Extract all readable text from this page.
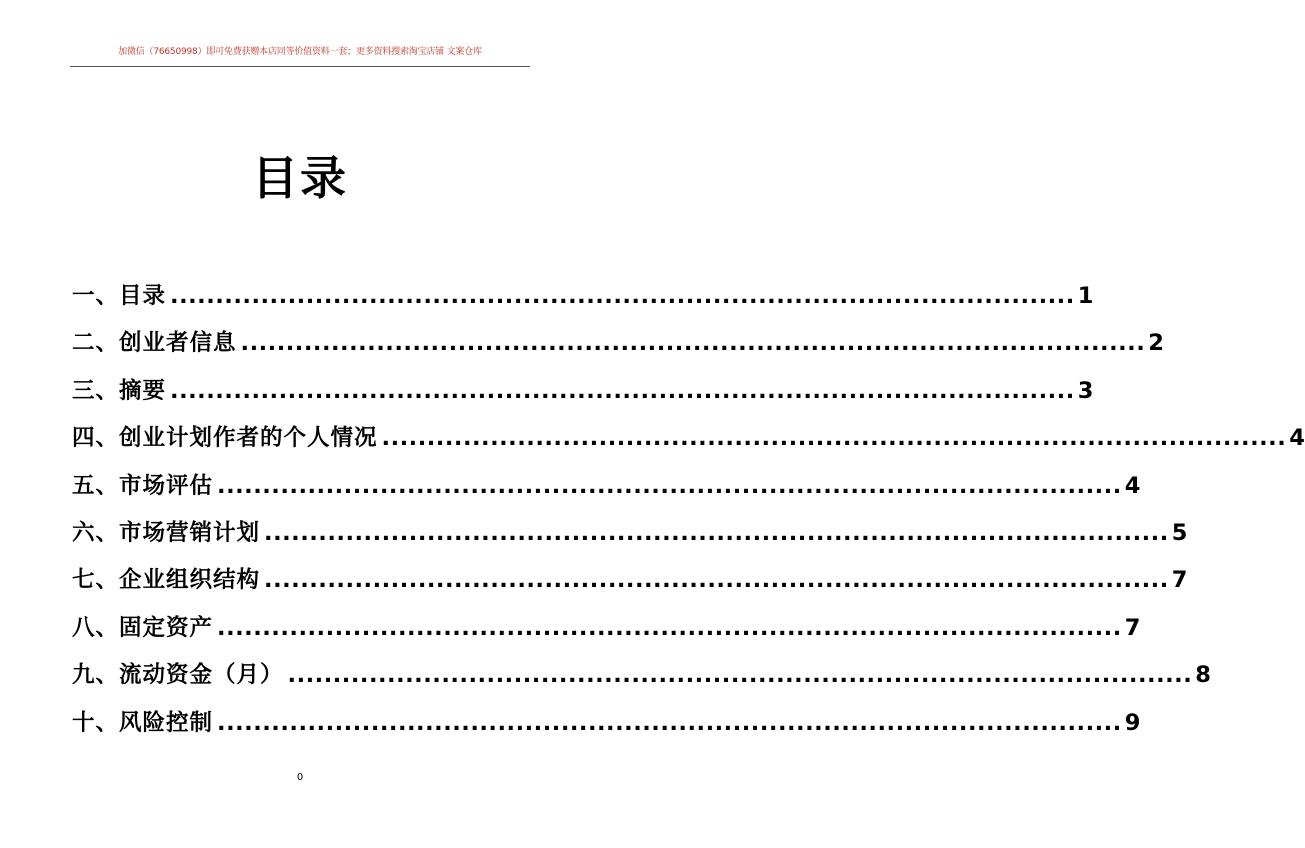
加微信（76650998）即可免费获赠本店同等价值资料一套；更多资料搜索淘宝店铺 文案仓库
目录
一、目录 .................................................................................................... 1
二、创业者信息 .................................................................................................... 2
三、摘要 .................................................................................................... 3
四、创业计划作者的个人情况 .................................................................................................... 4
五、市场评估 .................................................................................................... 4
六、市场营销计划 .................................................................................................... 5
七、企业组织结构 .................................................................................................... 7
八、固定资产 .................................................................................................... 7
九、流动资金（月） .................................................................................................... 8
十、风险控制 .................................................................................................... 9
0
